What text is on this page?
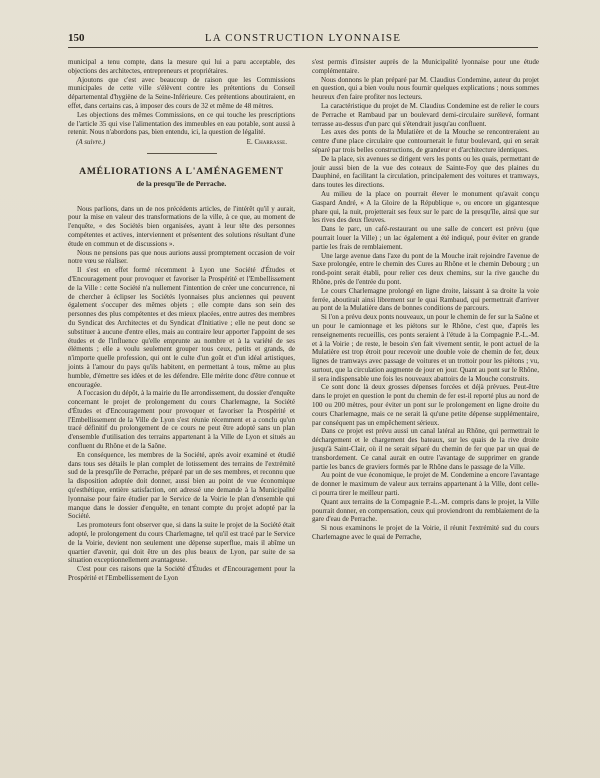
150	LA CONSTRUCTION LYONNAISE

municipal a tenu compte, dans la mesure qui lui a paru acceptable, des objections des architectes, entrepreneurs et propriétaires.

Ajoutons que c'est avec beaucoup de raison que les Commissions municipales de cette ville s'élèvent contre les prétentions du Conseil départemental d'hygiène de la Seine-Inférieure. Ces prétentions aboutiraient, en effet, dans certains cas, à imposer des cours de 32 et même de 48 mètres.

Les objections des mêmes Commissions, en ce qui touche les prescriptions de l'article 35 qui vise l'alimentation des immeubles en eau potable, sont aussi à retenir. Nous n'abordons pas, bien entendu, ici, la question de légalité.

(A suivre.)	E. Charrasse.
AMÉLIORATIONS A L'AMÉNAGEMENT
de la presqu'île de Perrache.

Nous parlions, dans un de nos précédents articles, de l'intérêt qu'il y aurait, pour la mise en valeur des transformations de la ville, à ce que, au moment de l'enquête, « des Sociétés bien organisées, ayant à leur tête des personnes compétentes et actives, interviennent et présentent des solutions résultant d'une étude en commun et de discussions ».

Nous ne pensions pas que nous aurions aussi promptement occasion de voir notre vœu se réaliser.

Il s'est en effet formé récemment à Lyon une Société d'Études et d'Encouragement pour provoquer et favoriser la Prospérité et l'Embellissement de la Ville : cette Société n'a nullement l'intention de créer une concurrence, ni de chercher à éclipser les Sociétés lyonnaises plus anciennes qui peuvent également s'occuper des mêmes objets ; elle compte dans son sein des personnes des plus compétentes et des mieux placées, entre autres des membres du Syndicat des Architectes et du Syndicat d'Initiative ; elle ne peut donc se substituer à aucune d'entre elles, mais au contraire leur apporter l'appoint de ses études et de l'influence qu'elle emprunte au nombre et à la variété de ses éléments ; elle a voulu seulement grouper tous ceux, petits et grands, de n'importe quelle profession, qui ont le culte d'un goût et d'un idéal artistiques, joints à l'amour du pays qu'ils habitent, en permettant à tous, même au plus humble, d'émettre ses idées et de les défendre. Elle mérite donc d'être connue et encouragée.

A l'occasion du dépôt, à la mairie du IIe arrondissement, du dossier d'enquête concernant le projet de prolongement du cours Charlemagne, la Société d'Études et d'Encouragement pour provoquer et favoriser la Prospérité et l'Embellissement de la Ville de Lyon s'est réunie récemment et a conclu qu'un tracé définitif du prolongement de ce cours ne peut être adopté sans un plan d'ensemble d'utilisation des terrains appartenant à la Ville de Lyon et situés au confluent du Rhône et de la Saône.

En conséquence, les membres de la Société, après avoir examiné et étudié dans tous ses détails le plan complet de lotissement des terrains de l'extrémité sud de la presqu'île de Perrache, préparé par un de ses membres, et reconnu que la disposition adoptée doit donner, aussi bien au point de vue économique qu'esthétique, entière satisfaction, ont adressé une demande à la Municipalité lyonnaise pour faire étudier par le Service de la Voirie le plan d'ensemble qui manque dans le dossier d'enquête, en tenant compte du projet adopté par la Société.

Les promoteurs font observer que, si dans la suite le projet de la Société était adopté, le prolongement du cours Charlemagne, tel qu'il est tracé par le Service de la Voirie, devient non seulement une dépense superflue, mais il abîme un quartier d'avenir, qui doit être un des plus beaux de Lyon, par suite de sa situation exceptionnellement avantageuse.

C'est pour ces raisons que la Société d'Études et d'Encouragement pour la Prospérité et l'Embellissement de Lyon

s'est permis d'insister auprès de la Municipalité lyonnaise pour une étude complémentaire.

Nous donnons le plan préparé par M. Claudius Condemine, auteur du projet en question, qui a bien voulu nous fournir quelques explications ; nous sommes heureux d'en faire profiter nos lecteurs.

La caractéristique du projet de M. Claudius Condemine est de relier le cours de Perrache et Rambaud par un boulevard demi-circulaire surélevé, formant terrasse au-dessus d'un parc qui s'étendrait jusqu'au confluent.

Les axes des ponts de la Mulatière et de la Mouche se rencontreraient au centre d'une place circulaire que contournerait le futur boulevard, qui en serait séparé par trois belles constructions, de grandeur et d'architecture identiques.

De la place, six avenues se dirigent vers les ponts ou les quais, permettant de jouir aussi bien de la vue des coteaux de Sainte-Foy que des plaines du Dauphiné, en facilitant la circulation, principalement des voitures et tramways, dans toutes les directions.

Au milieu de la place on pourrait élever le monument qu'avait conçu Gaspard André, « A la Gloire de la République », ou encore un gigantesque phare qui, la nuit, projetterait ses feux sur le parc de la presqu'île, ainsi que sur les rives des deux fleuves.

Dans le parc, un café-restaurant ou une salle de concert est prévu (que pourrait louer la Ville) ; un lac également a été indiqué, pour éviter en grande partie les frais de remblaiement.

Une large avenue dans l'axe du pont de la Mouche irait rejoindre l'avenue de Saxe prolongée, entre le chemin des Cures au Rhône et le chemin Debourg ; un rond-point serait établi, pour relier ces deux chemins, sur la rive gauche du Rhône, près de l'entrée du pont.

Le cours Charlemagne prolongé en ligne droite, laissant à sa droite la voie ferrée, aboutirait ainsi librement sur le quai Rambaud, qui permettrait d'arriver au pont de la Mulatière dans de bonnes conditions de parcours.

Si l'on a prévu deux ponts nouveaux, un pour le chemin de fer sur la Saône et un pour le camionnage et les piétons sur le Rhône, c'est que, d'après les renseignements recueillis, ces ponts seraient à l'étude à la Compagnie P.-L.-M. et à la Voirie ; de reste, le besoin s'en fait vivement sentir, le pont actuel de la Mulatière est trop étroit pour recevoir une double voie de chemin de fer, deux lignes de tramways avec passage de voitures et un trottoir pour les piétons ; vu, surtout, que la circulation augmente de jour en jour. Quant au pont sur le Rhône, il sera indispensable une fois les nouveaux abattoirs de la Mouche construits.

Ce sont donc là deux grosses dépenses forcées et déjà prévues. Peut-être dans le projet en question le pont du chemin de fer est-il reporté plus au nord de 100 ou 200 mètres, pour éviter un pont sur le prolongement en ligne droite du cours Charlemagne, mais ce ne serait là qu'une petite dépense supplémentaire, par conséquent pas un empêchement sérieux.

Dans ce projet est prévu aussi un canal latéral au Rhône, qui permettrait le déchargement et le chargement des bateaux, sur les quais de la rive droite jusqu'à Saint-Clair, où il ne serait séparé du chemin de fer que par un quai de transbordement. Ce canal aurait en outre l'avantage de supprimer en grande partie les bancs de graviers formés par le Rhône dans le passage de la Ville.

Au point de vue économique, le projet de M. Condemine a encore l'avantage de donner le maximum de valeur aux terrains appartenant à la Ville, dont celle-ci pourra tirer le meilleur parti.

Quant aux terrains de la Compagnie P.-L.-M. compris dans le projet, la Ville pourrait donner, en compensation, ceux qui proviendront du remblaiement de la gare d'eau de Perrache.

Si nous examinons le projet de la Voirie, il réunit l'extrémité sud du cours Charlemagne avec le quai de Perrache,
